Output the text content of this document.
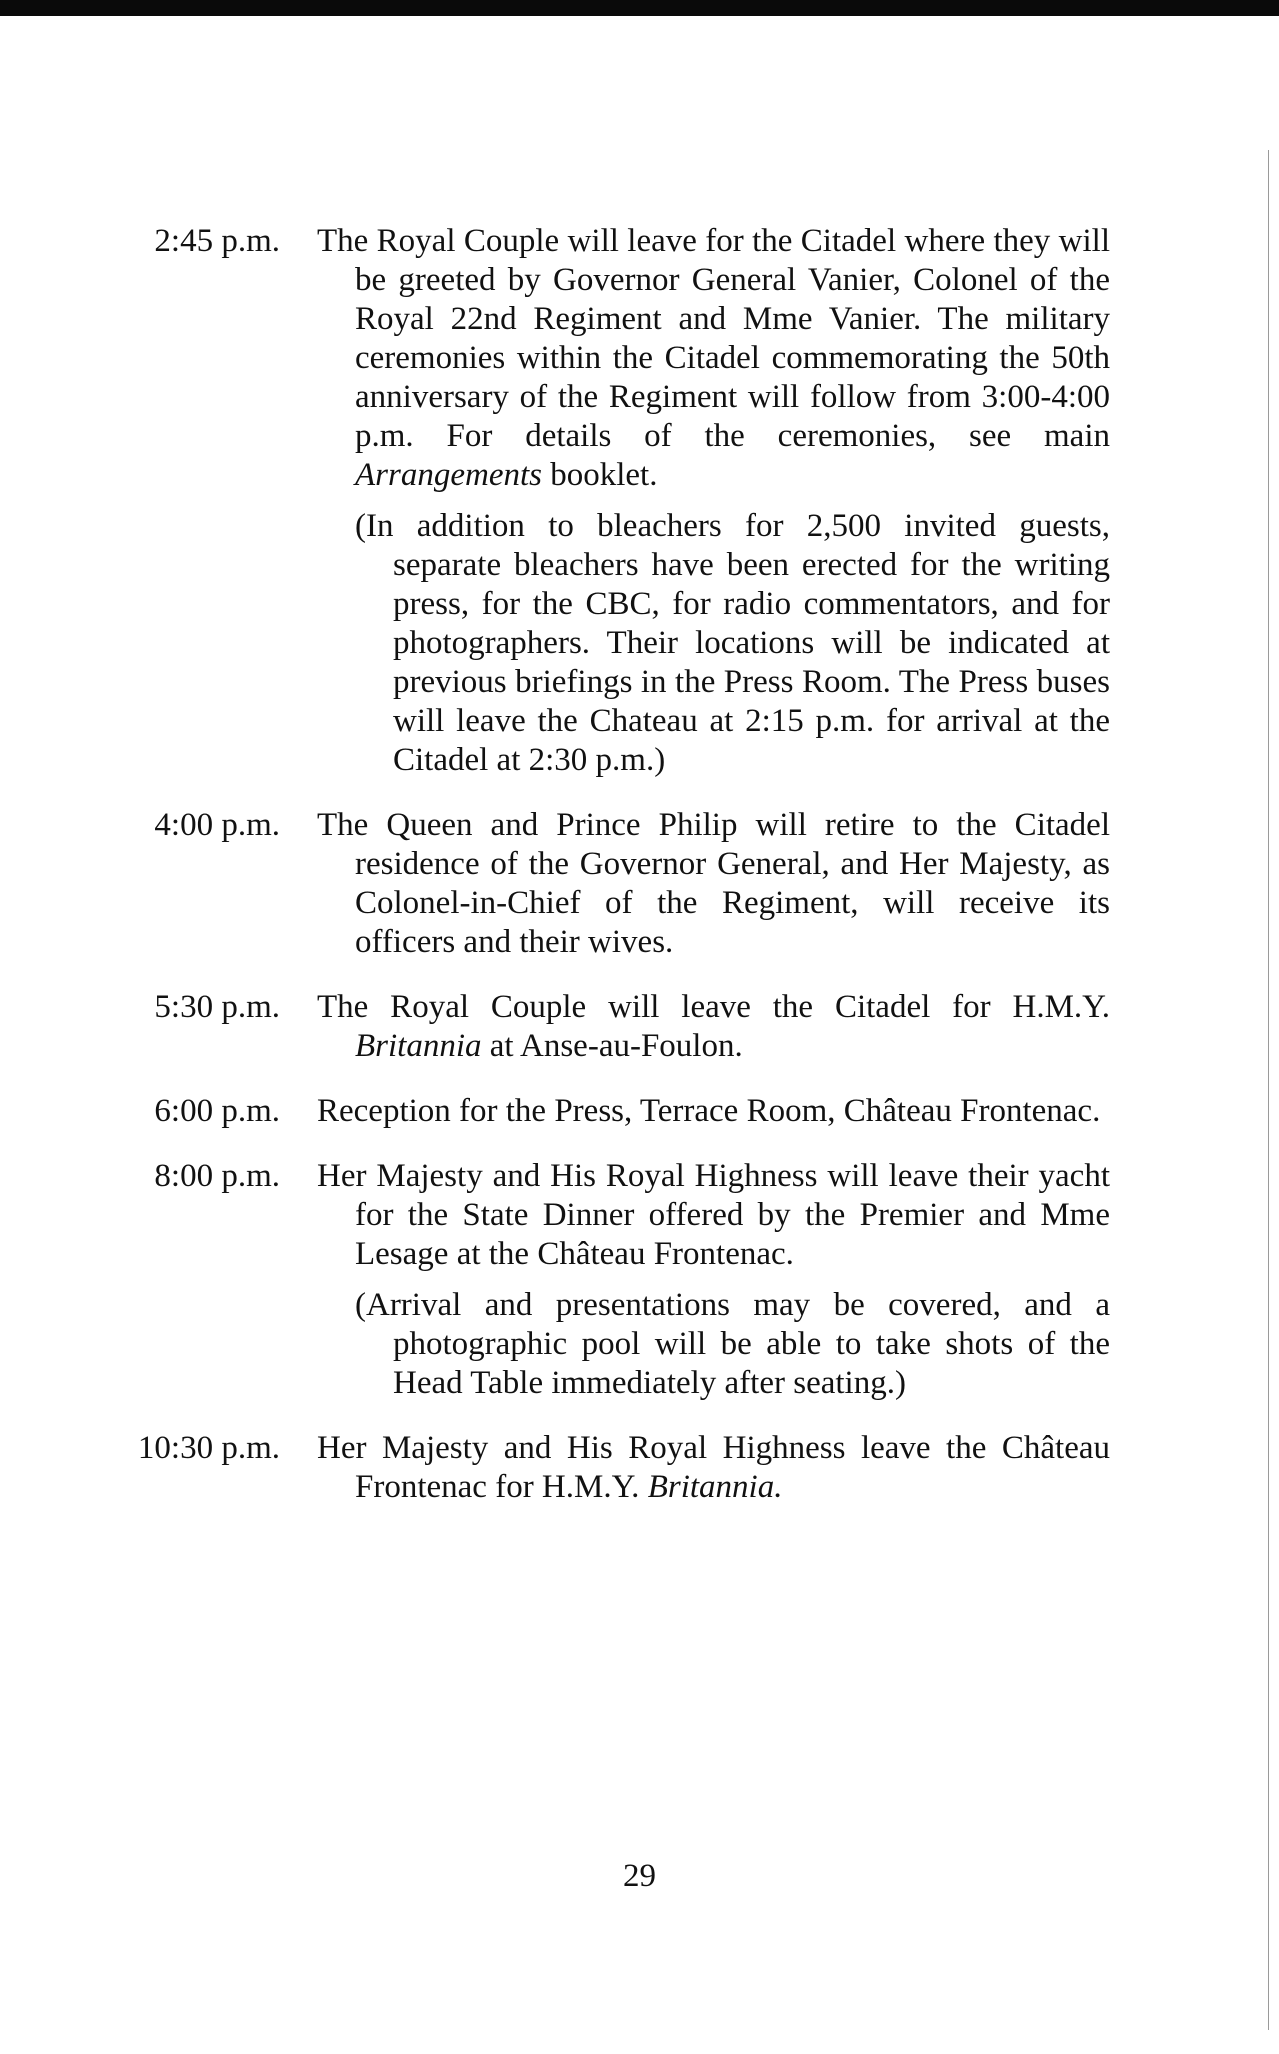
2:45 p.m. The Royal Couple will leave for the Citadel where they will be greeted by Governor General Vanier, Colonel of the Royal 22nd Regiment and Mme Vanier. The military ceremonies within the Citadel commemorating the 50th anniversary of the Regiment will follow from 3:00-4:00 p.m. For details of the ceremonies, see main Arrangements booklet.

(In addition to bleachers for 2,500 invited guests, separate bleachers have been erected for the writing press, for the CBC, for radio commentators, and for photographers. Their locations will be indicated at previous briefings in the Press Room. The Press buses will leave the Chateau at 2:15 p.m. for arrival at the Citadel at 2:30 p.m.)

4:00 p.m. The Queen and Prince Philip will retire to the Citadel residence of the Governor General, and Her Majesty, as Colonel-in-Chief of the Regiment, will receive its officers and their wives.

5:30 p.m. The Royal Couple will leave the Citadel for H.M.Y. Britannia at Anse-au-Foulon.

6:00 p.m. Reception for the Press, Terrace Room, Château Frontenac.

8:00 p.m. Her Majesty and His Royal Highness will leave their yacht for the State Dinner offered by the Premier and Mme Lesage at the Château Frontenac.

(Arrival and presentations may be covered, and a photographic pool will be able to take shots of the Head Table immediately after seating.)

10:30 p.m. Her Majesty and His Royal Highness leave the Château Frontenac for H.M.Y. Britannia.

29
